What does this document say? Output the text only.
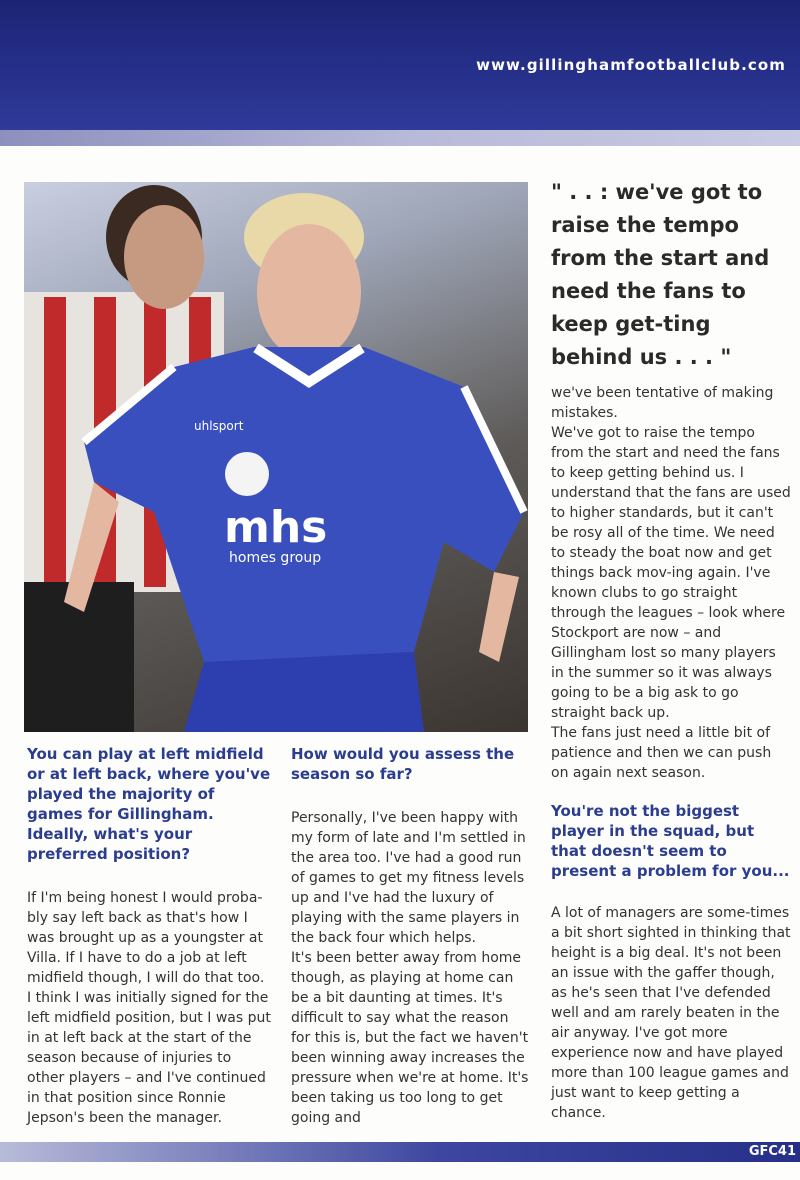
www.gillinghamfootballclub.com
mhs
homes group
uhlsport

" . . : we've got to raise the tempo from the start and need the fans to keep get-ting behind us . . . "

You can play at left midfield or at left back, where you've played the majority of games for Gillingham. Ideally, what's your preferred position?

If I'm being honest I would proba-bly say left back as that's how I was brought up as a youngster at Villa. If I have to do a job at left midfield though, I will do that too.

I think I was initially signed for the left midfield position, but I was put in at left back at the start of the season because of injuries to other players – and I've continued in that position since Ronnie Jepson's been the manager.

How would you assess the season so far?

Personally, I've been happy with my form of late and I'm settled in the area too. I've had a good run of games to get my fitness levels up and I've had the luxury of playing with the same players in the back four which helps.

It's been better away from home though, as playing at home can be a bit daunting at times. It's difficult to say what the reason for this is, but the fact we haven't been winning away increases the pressure when we're at home. It's been taking us too long to get going and

we've been tentative of making mistakes.

We've got to raise the tempo from the start and need the fans to keep getting behind us. I understand that the fans are used to higher standards, but it can't be rosy all of the time. We need to steady the boat now and get things back mov-ing again. I've known clubs to go straight through the leagues – look where Stockport are now – and Gillingham lost so many players in the summer so it was always going to be a big ask to go straight back up.

The fans just need a little bit of patience and then we can push on again next season.

You're not the biggest player in the squad, but that doesn't seem to present a problem for you...

A lot of managers are some-times a bit short sighted in thinking that height is a big deal. It's not been an issue with the gaffer though, as he's seen that I've defended well and am rarely beaten in the air anyway. I've got more experience now and have played more than 100 league games and just want to keep getting a chance.

GFC41
